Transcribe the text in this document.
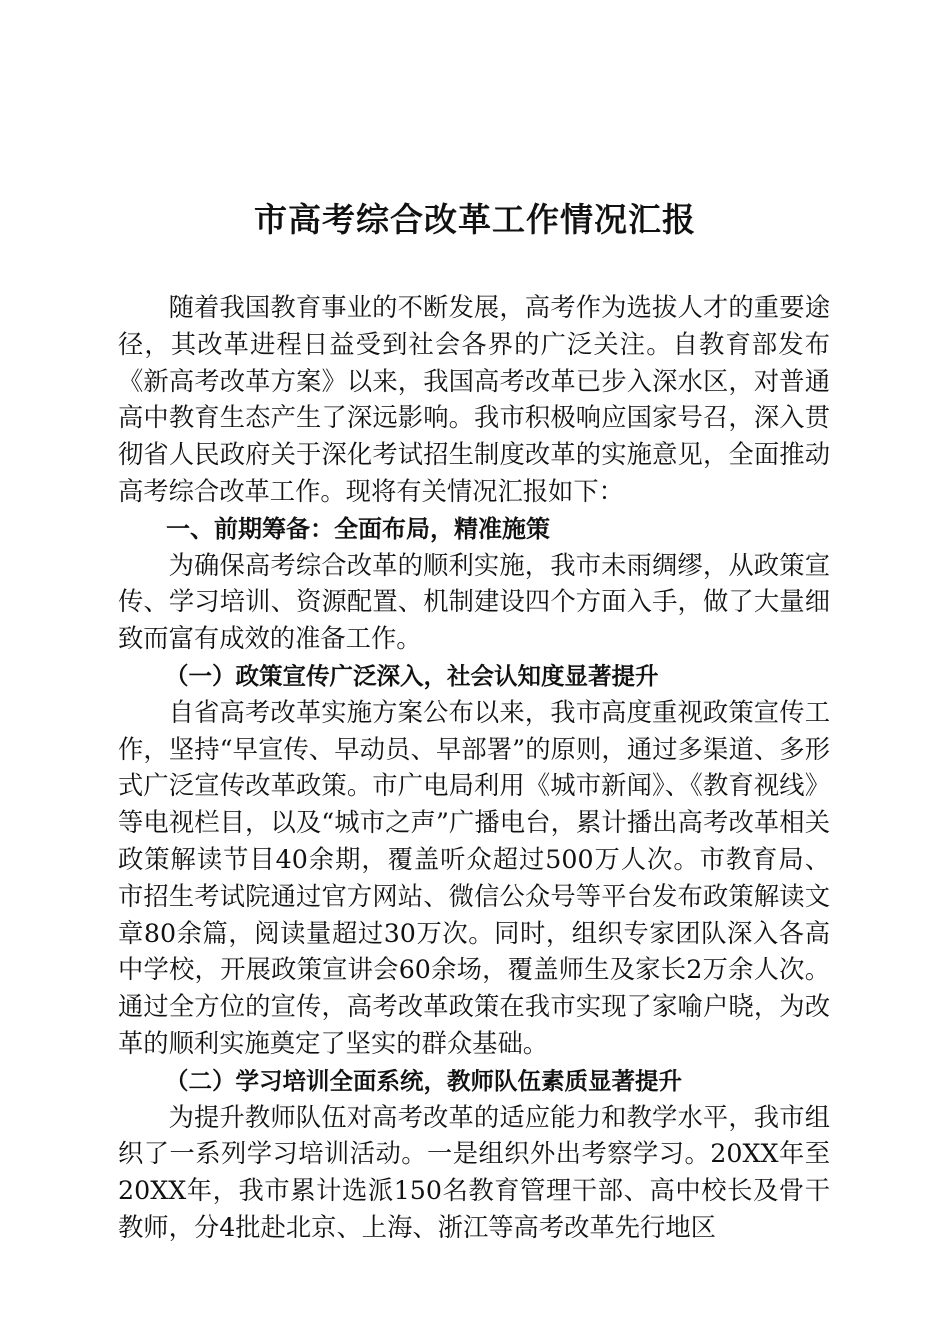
市高考综合改革工作情况汇报

随着我国教育事业的不断发展，高考作为选拔人才的重要途径，其改革进程日益受到社会各界的广泛关注。自教育部发布《新高考改革方案》以来，我国高考改革已步入深水区，对普通高中教育生态产生了深远影响。我市积极响应国家号召，深入贯彻省人民政府关于深化考试招生制度改革的实施意见，全面推动高考综合改革工作。现将有关情况汇报如下：

一、前期筹备：全面布局，精准施策

为确保高考综合改革的顺利实施，我市未雨绸缪，从政策宣传、学习培训、资源配置、机制建设四个方面入手，做了大量细致而富有成效的准备工作。

（一）政策宣传广泛深入，社会认知度显著提升

自省高考改革实施方案公布以来，我市高度重视政策宣传工作，坚持“早宣传、早动员、早部署”的原则，通过多渠道、多形式广泛宣传改革政策。市广电局利用《城市新闻》、《教育视线》等电视栏目，以及“城市之声”广播电台，累计播出高考改革相关政策解读节目40余期，覆盖听众超过500万人次。市教育局、市招生考试院通过官方网站、微信公众号等平台发布政策解读文章80余篇，阅读量超过30万次。同时，组织专家团队深入各高中学校，开展政策宣讲会60余场，覆盖师生及家长2万余人次。通过全方位的宣传，高考改革政策在我市实现了家喻户晓，为改革的顺利实施奠定了坚实的群众基础。

（二）学习培训全面系统，教师队伍素质显著提升

为提升教师队伍对高考改革的适应能力和教学水平，我市组织了一系列学习培训活动。一是组织外出考察学习。20XX年至20XX年，我市累计选派150名教育管理干部、高中校长及骨干教师，分4批赴北京、上海、浙江等高考改革先行地区
